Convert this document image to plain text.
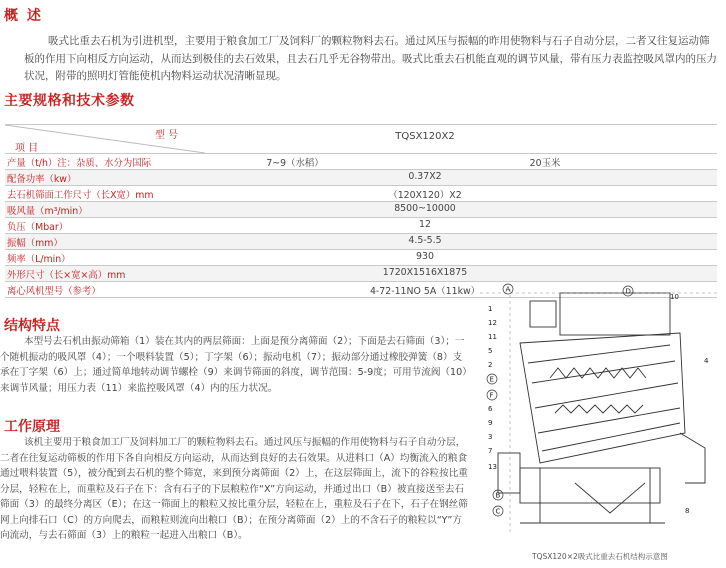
概 述
吸式比重去石机为引进机型，主要用于粮食加工厂及饲料厂的颗粒物料去石。通过风压与振幅的昨用使物料与石子自动分层，二者又往复运动筛板的作用下向相反方向运动，从而达到极佳的去石效果，且去石几乎无谷物带出。吸式比重去石机能直观的调节风量，带有压力表监控吸风罩内的压力状况，附带的照明灯管能使机内物料运动状况清晰显现。
主要规格和技术参数
型 号
项 目
TQSX120X2
产量（t/h）注：杂质、水分为国际	7~9（水稻）	20玉米
配备功率（kw）	0.37X2
去石机筛面工作尺寸（长X宽）mm	（120X120）X2
吸风量（m³/min）	8500~10000
负压（Mbar）	12
振幅（mm）	4.5-5.5
频率（L/min）	930
外形尺寸（长×宽×高）mm	1720X1516X1875
离心风机型号（参考）	4-72-11NO 5A（11kw）
结构特点
本型号去石机由振动筛箱（1）装在其内的两层筛面：上面是预分离筛面（2）；下面是去石筛面（3）；一个随机振动的吸风罩（4）；一个喂料装置（5）；丁字架（6）；振动电机（7）；振动部分通过橡胶弹簧（8）支承在丁字架（6）上；通过简单地转动调节螺栓（9）来调节筛面的斜度，调节范围：5-9度；可用节流阀（10）来调节风量；用压力表（11）来监控吸风罩（4）内的压力状况。
工作原理
该机主要用于粮食加工厂及饲料加工厂的颗粒物料去石。通过风压与振幅的作用使物料与石子自动分层，二者在往复运动筛板的作用下各自向相反方向运动，从而达到良好的去石效果。从进料口（A）均衡流入的粮食通过喂料装置（5），被分配到去石机的整个筛宽，来到预分离筛面（2）上，在这层筛面上，流下的谷粒按比重分层，轻粒在上，而重粒及石子在下：含有石子的下层粮粒作“X”方向运动，并通过出口（B）被直接送至去石筛面（3）的最终分离区（E）；在这一筛面上的粮粒又按比重分层，轻粒在上，重粒及石子在下，石子在钢丝筛网上向排石口（C）的方向爬去，而粮粒则流向出粮口（B）；在预分离筛面（2）上的不含石子的粮粒以“Y”方向流动，与去石筛面（3）上的粮粒一起进入出粮口（B）。
A	D
10
1
12
11
5
2	4
E
F
6
9
3
7
13
B
C	8
TQSX120×2吸式比重去石机结构示意图
